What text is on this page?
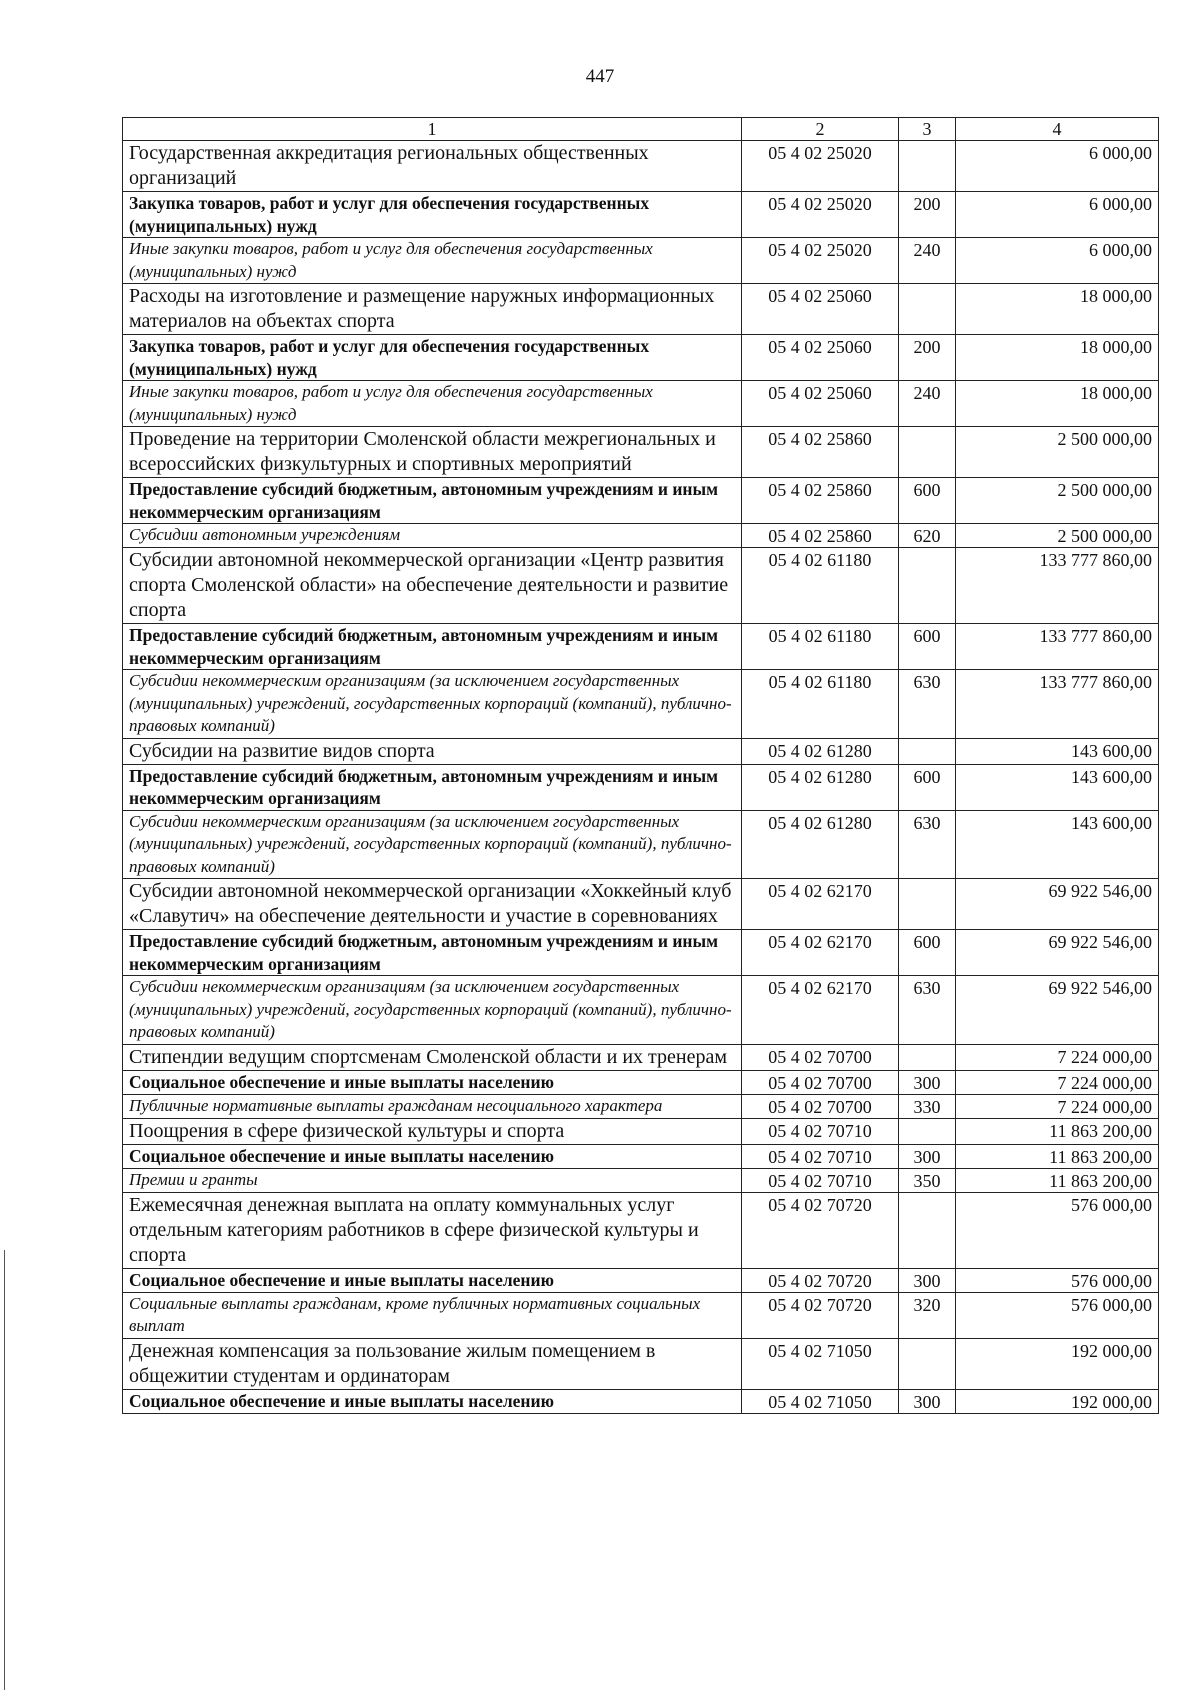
447
1	2	3	4
Государственная аккредитация региональных общественных организаций	05 4 02 25020		6 000,00
Закупка товаров, работ и услуг для обеспечения государственных (муниципальных) нужд	05 4 02 25020	200	6 000,00
Иные закупки товаров, работ и услуг для обеспечения государственных (муниципальных) нужд	05 4 02 25020	240	6 000,00
Расходы на изготовление и размещение наружных информационных материалов на объектах спорта	05 4 02 25060		18 000,00
Закупка товаров, работ и услуг для обеспечения государственных (муниципальных) нужд	05 4 02 25060	200	18 000,00
Иные закупки товаров, работ и услуг для обеспечения государственных (муниципальных) нужд	05 4 02 25060	240	18 000,00
Проведение на территории Смоленской области межрегиональных и всероссийских физкультурных и спортивных мероприятий	05 4 02 25860		2 500 000,00
Предоставление субсидий бюджетным, автономным учреждениям и иным некоммерческим организациям	05 4 02 25860	600	2 500 000,00
Субсидии автономным учреждениям	05 4 02 25860	620	2 500 000,00
Субсидии автономной некоммерческой организации «Центр развития спорта Смоленской области» на обеспечение деятельности и развитие спорта	05 4 02 61180		133 777 860,00
Предоставление субсидий бюджетным, автономным учреждениям и иным некоммерческим организациям	05 4 02 61180	600	133 777 860,00
Субсидии некоммерческим организациям (за исключением государственных (муниципальных) учреждений, государственных корпораций (компаний), публично-правовых компаний)	05 4 02 61180	630	133 777 860,00
Субсидии на развитие видов спорта	05 4 02 61280		143 600,00
Предоставление субсидий бюджетным, автономным учреждениям и иным некоммерческим организациям	05 4 02 61280	600	143 600,00
Субсидии некоммерческим организациям (за исключением государственных (муниципальных) учреждений, государственных корпораций (компаний), публично-правовых компаний)	05 4 02 61280	630	143 600,00
Субсидии автономной некоммерческой организации «Хоккейный клуб «Славутич» на обеспечение деятельности и участие в соревнованиях	05 4 02 62170		69 922 546,00
Предоставление субсидий бюджетным, автономным учреждениям и иным некоммерческим организациям	05 4 02 62170	600	69 922 546,00
Субсидии некоммерческим организациям (за исключением государственных (муниципальных) учреждений, государственных корпораций (компаний), публично-правовых компаний)	05 4 02 62170	630	69 922 546,00
Стипендии ведущим спортсменам Смоленской области и их тренерам	05 4 02 70700		7 224 000,00
Социальное обеспечение и иные выплаты населению	05 4 02 70700	300	7 224 000,00
Публичные нормативные выплаты гражданам несоциального характера	05 4 02 70700	330	7 224 000,00
Поощрения в сфере физической культуры и спорта	05 4 02 70710		11 863 200,00
Социальное обеспечение и иные выплаты населению	05 4 02 70710	300	11 863 200,00
Премии и гранты	05 4 02 70710	350	11 863 200,00
Ежемесячная денежная выплата на оплату коммунальных услуг отдельным категориям работников в сфере физической культуры и спорта	05 4 02 70720		576 000,00
Социальное обеспечение и иные выплаты населению	05 4 02 70720	300	576 000,00
Социальные выплаты гражданам, кроме публичных нормативных социальных выплат	05 4 02 70720	320	576 000,00
Денежная компенсация за пользование жилым помещением в общежитии студентам и ординаторам	05 4 02 71050		192 000,00
Социальное обеспечение и иные выплаты населению	05 4 02 71050	300	192 000,00
